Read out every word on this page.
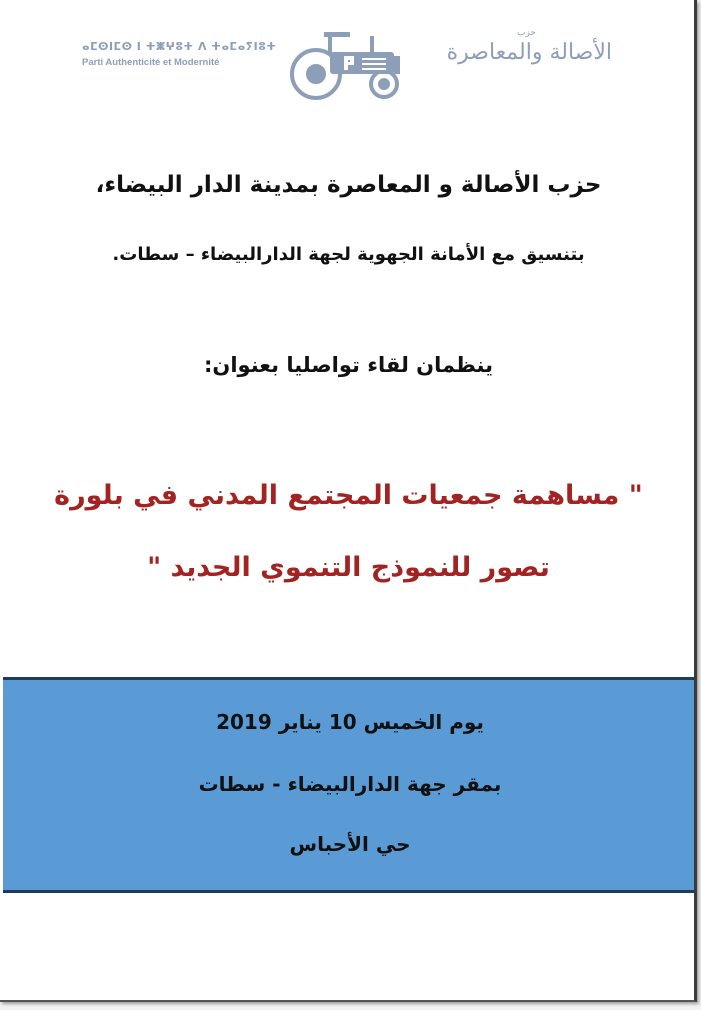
ⴰⵎⵙⵏⵎⵙ ⵏ ⵜⵥⵖⵓⵜ ⴷ ⵜⴰⵎⴰⵢⵏⵓⵜ
Parti Authenticité et Modernité
حزب
الأصالة والمعاصرة
حزب الأصالة و المعاصرة بمدينة الدار البيضاء،
بتنسيق مع الأمانة الجهوية لجهة الدارالبيضاء – سطات.
ينظمان لقاء تواصليا بعنوان:
" مساهمة جمعيات المجتمع المدني في بلورة
تصور للنموذج التنموي الجديد "
يوم الخميس 10 يناير 2019
بمقر جهة الدارالبيضاء - سطات
حي الأحباس
